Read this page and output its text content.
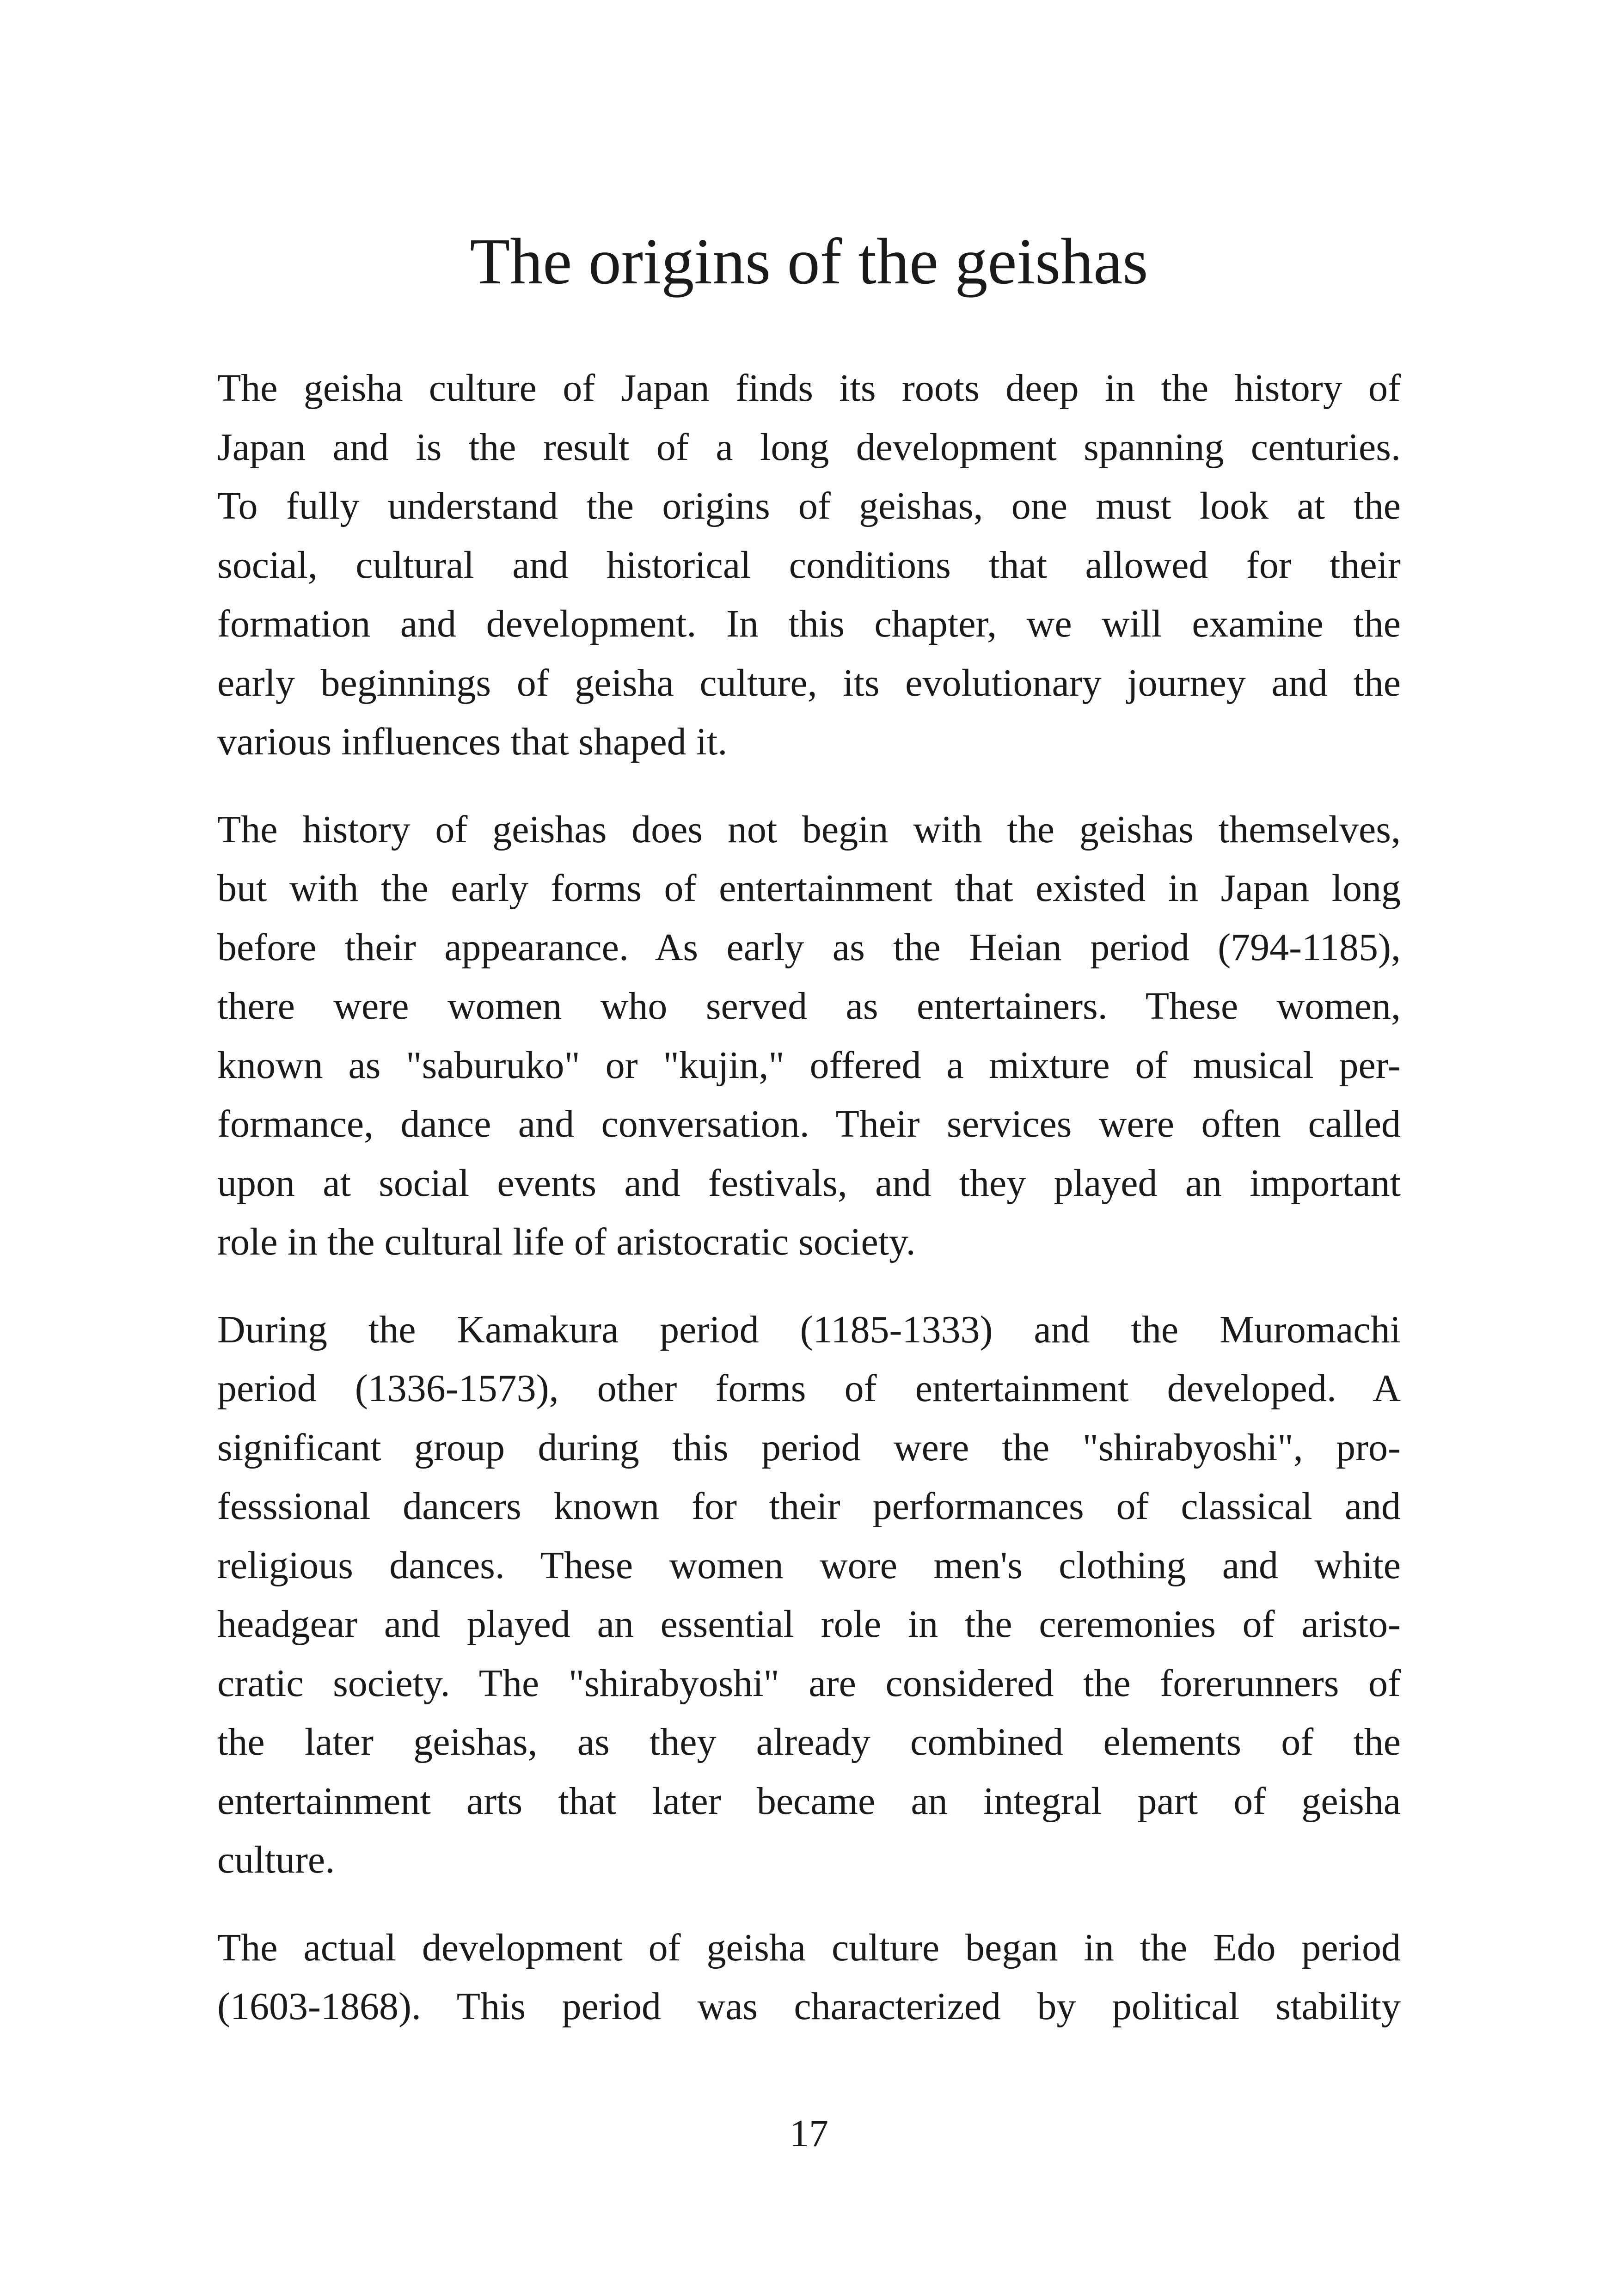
The origins of the geishas

The geisha culture of Japan finds its roots deep in the history of
Japan and is the result of a long development spanning centuries.
To fully understand the origins of geishas, one must look at the
social, cultural and historical conditions that allowed for their
formation and development. In this chapter, we will examine the
early beginnings of geisha culture, its evolutionary journey and the
various influences that shaped it.

The history of geishas does not begin with the geishas themselves,
but with the early forms of entertainment that existed in Japan long
before their appearance. As early as the Heian period (794-1185),
there were women who served as entertainers. These women,
known as "saburuko" or "kujin," offered a mixture of musical per-
formance, dance and conversation. Their services were often called
upon at social events and festivals, and they played an important
role in the cultural life of aristocratic society.

During the Kamakura period (1185-1333) and the Muromachi
period (1336-1573), other forms of entertainment developed. A
significant group during this period were the "shirabyoshi", pro-
fesssional dancers known for their performances of classical and
religious dances. These women wore men's clothing and white
headgear and played an essential role in the ceremonies of aristo-
cratic society. The "shirabyoshi" are considered the forerunners of
the later geishas, as they already combined elements of the
entertainment arts that later became an integral part of geisha
culture.

The actual development of geisha culture began in the Edo period
(1603-1868). This period was characterized by political stability

17
